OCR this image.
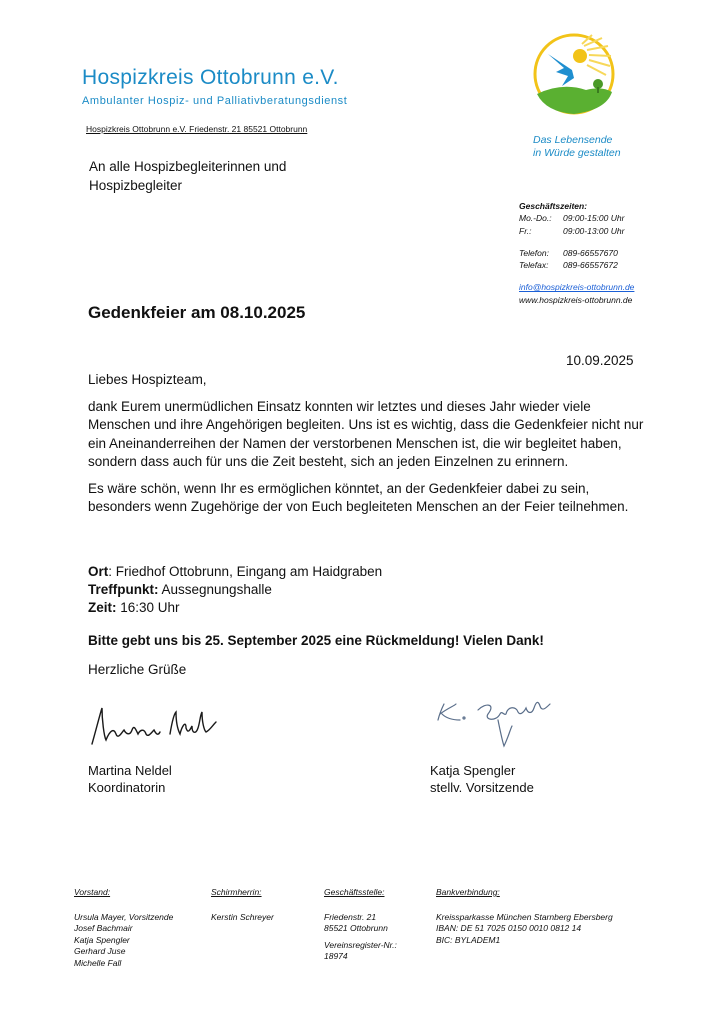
Hospizkreis Ottobrunn e.V.
Ambulanter Hospiz- und Palliativberatungsdienst
Hospizkreis Ottobrunn e.V. Friedenstr. 21 85521 Ottobrunn
Das Lebensende
in Würde gestalten
An alle Hospizbegleiterinnen und
Hospizbegleiter
Geschäftszeiten:
Mo.-Do.: 09:00-15:00 Uhr
Fr.:	09:00-13:00 Uhr
Telefon: 089-66557670
Telefax: 089-66557672
info@hospizkreis-ottobrunn.de
www.hospizkreis-ottobrunn.de
Gedenkfeier am 08.10.2025
10.09.2025

Liebes Hospizteam,

dank Eurem unermüdlichen Einsatz konnten wir letztes und dieses Jahr wieder viele Menschen und ihre Angehörigen begleiten. Uns ist es wichtig, dass die Gedenkfeier nicht nur ein Aneinanderreihen der Namen der verstorbenen Menschen ist, die wir begleitet haben, sondern dass auch für uns die Zeit besteht, sich an jeden Einzelnen zu erinnern.

Es wäre schön, wenn Ihr es ermöglichen könntet, an der Gedenkfeier dabei zu sein, besonders wenn Zugehörige der von Euch begleiteten Menschen an der Feier teilnehmen.

Ort: Friedhof Ottobrunn, Eingang am Haidgraben
Treffpunkt: Aussegnungshalle
Zeit: 16:30 Uhr
Bitte gebt uns bis 25. September 2025 eine Rückmeldung! Vielen Dank!
Herzliche Grüße
Martina Neldel
Koordinatorin
Katja Spengler
stellv. Vorsitzende
Vorstand:
Ursula Mayer, Vorsitzende
Josef Bachmair
Katja Spengler
Gerhard Juse
Michelle Fall
Schirmherrin:
Kerstin Schreyer
Geschäftsstelle:
Friedenstr. 21
85521 Ottobrunn
Vereinsregister-Nr.:
18974
Bankverbindung:
Kreissparkasse München Starnberg Ebersberg
IBAN: DE 51 7025 0150 0010 0812 14
BIC: BYLADEM1
